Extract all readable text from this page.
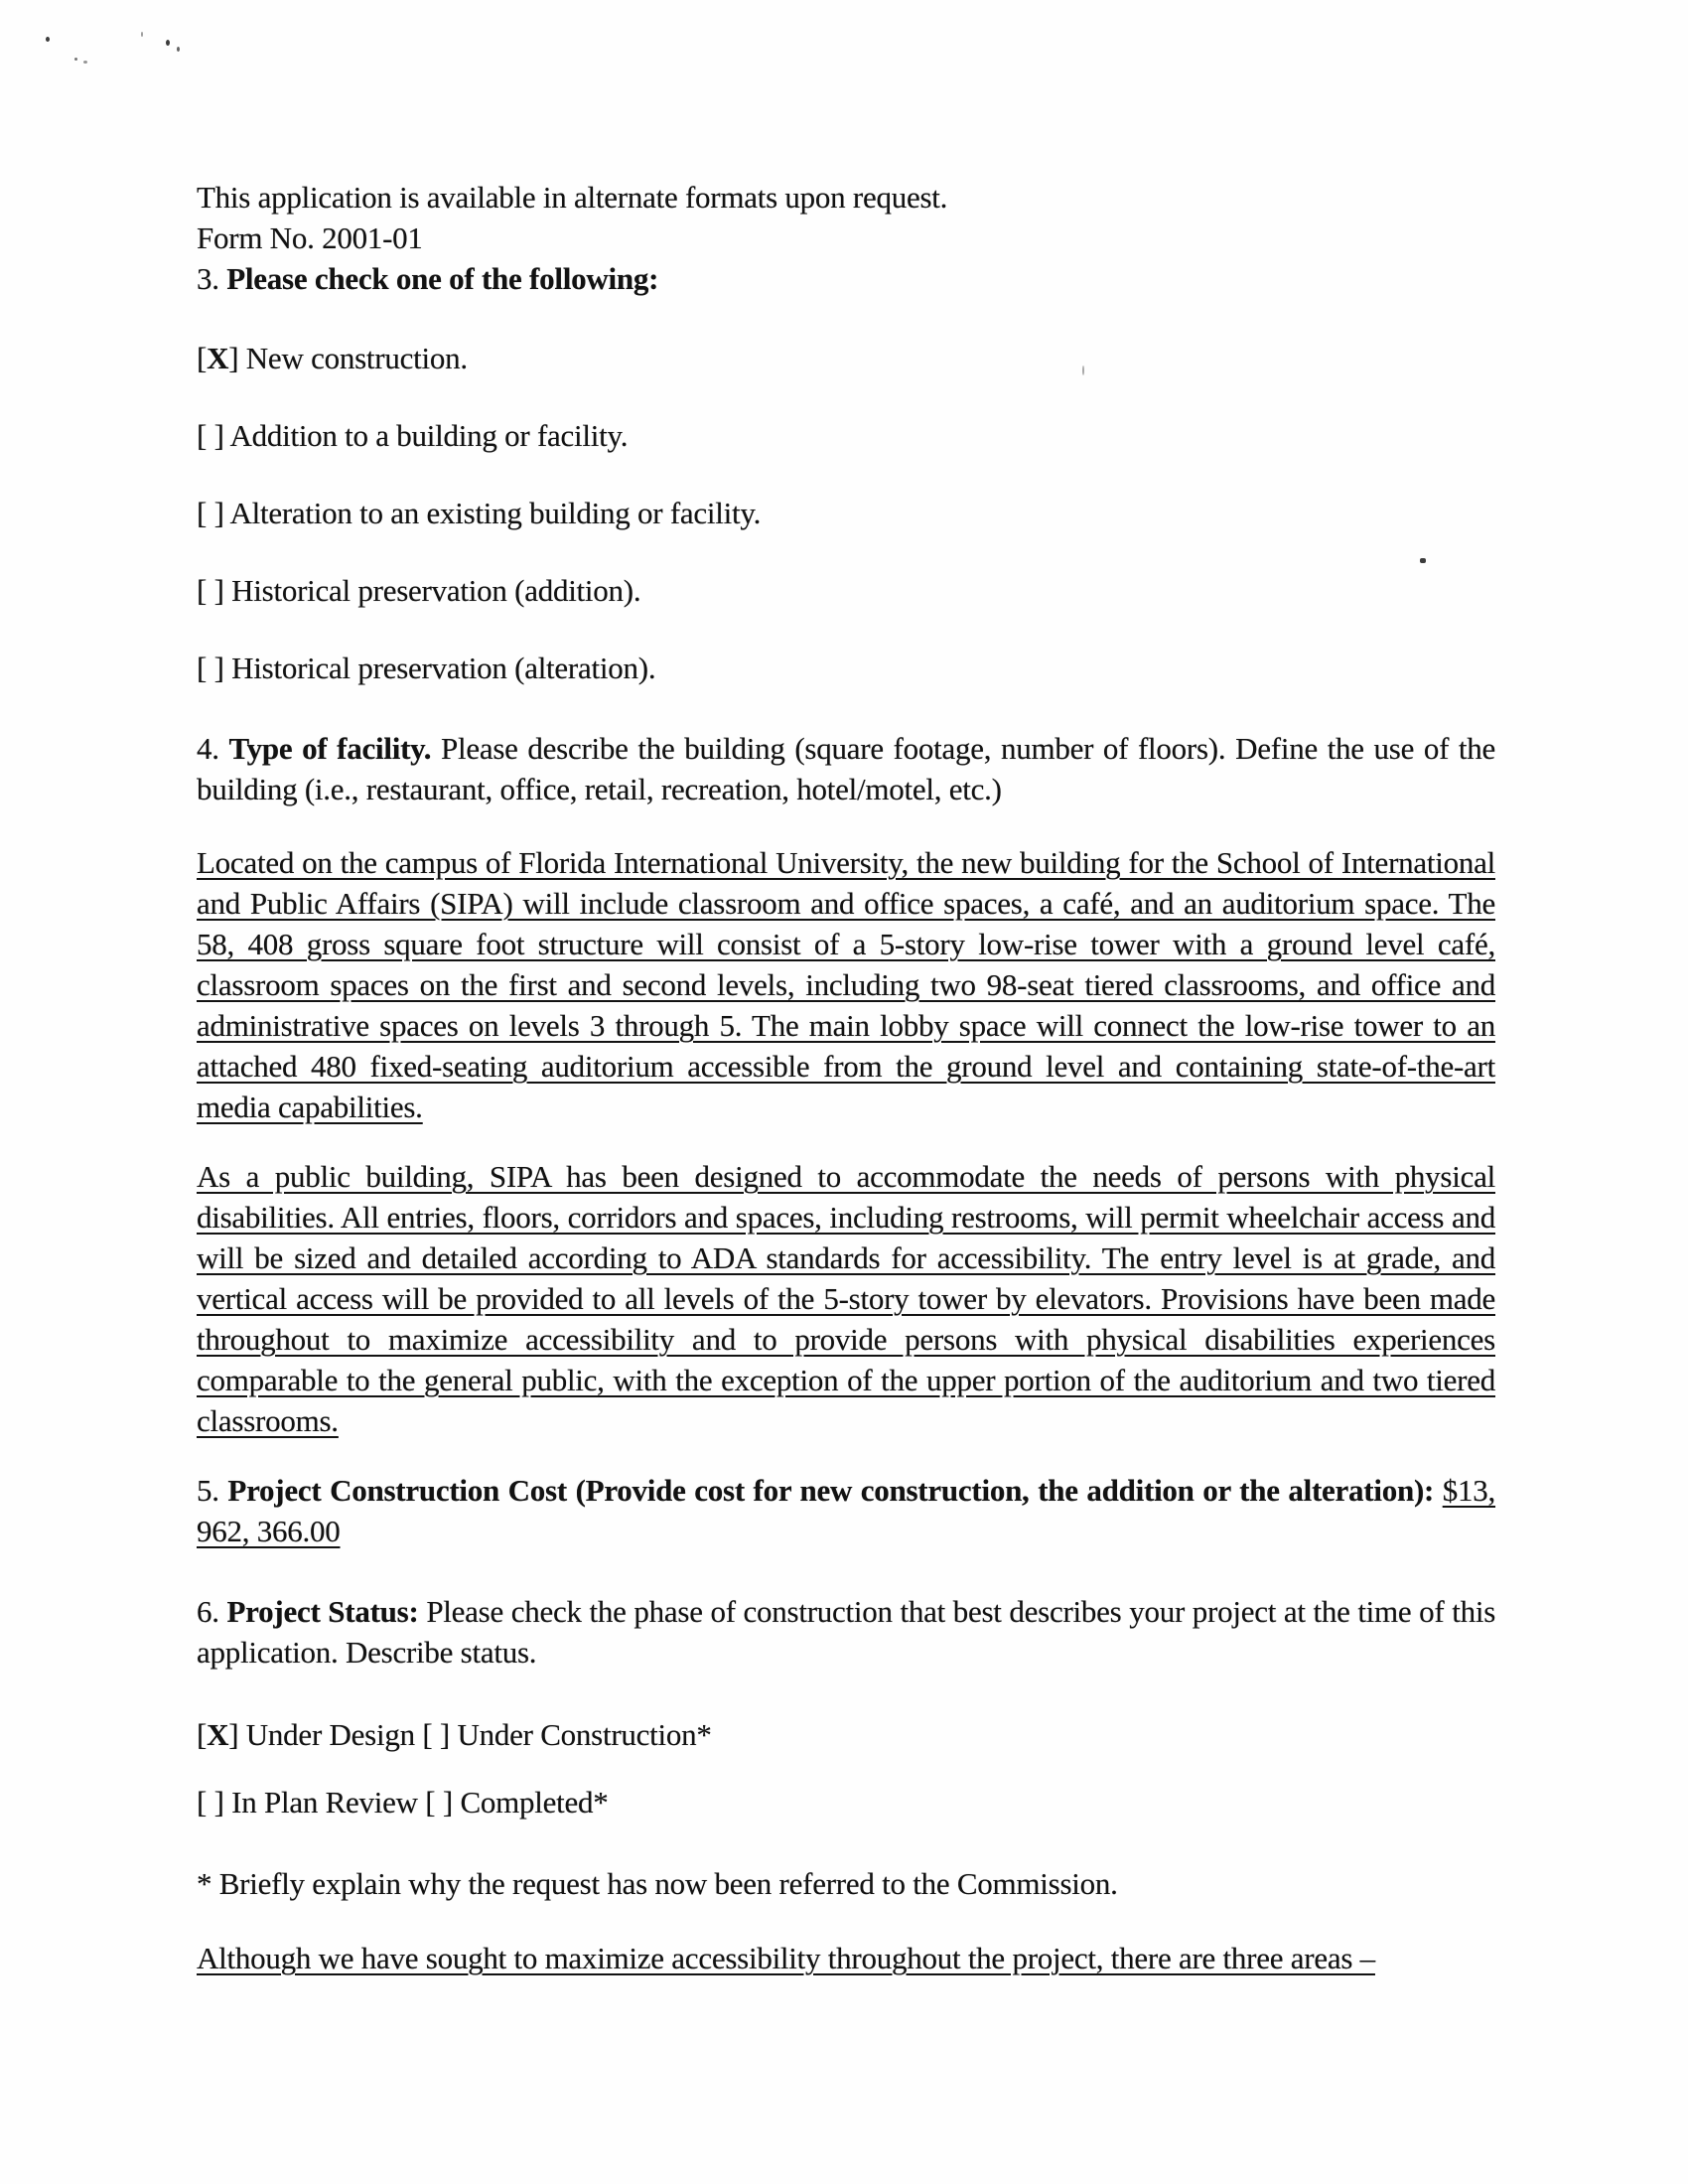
This application is available in alternate formats upon request.

Form No. 2001-01

3. Please check one of the following:

[X] New construction.

[ ] Addition to a building or facility.

[ ] Alteration to an existing building or facility.

[ ] Historical preservation (addition).

[ ] Historical preservation (alteration).

4. Type of facility. Please describe the building (square footage, number of floors). Define the use of the building (i.e., restaurant, office, retail, recreation, hotel/motel, etc.)

Located on the campus of Florida International University, the new building for the School of International and Public Affairs (SIPA) will include classroom and office spaces, a café, and an auditorium space. The 58, 408 gross square foot structure will consist of a 5-story low-rise tower with a ground level café, classroom spaces on the first and second levels, including two 98-seat tiered classrooms, and office and administrative spaces on levels 3 through 5. The main lobby space will connect the low-rise tower to an attached 480 fixed-seating auditorium accessible from the ground level and containing state-of-the-art media capabilities.

As a public building, SIPA has been designed to accommodate the needs of persons with physical disabilities. All entries, floors, corridors and spaces, including restrooms, will permit wheelchair access and will be sized and detailed according to ADA standards for accessibility. The entry level is at grade, and vertical access will be provided to all levels of the 5-story tower by elevators. Provisions have been made throughout to maximize accessibility and to provide persons with physical disabilities experiences comparable to the general public, with the exception of the upper portion of the auditorium and two tiered classrooms.

5. Project Construction Cost (Provide cost for new construction, the addition or the alteration): $13, 962, 366.00

6. Project Status: Please check the phase of construction that best describes your project at the time of this application. Describe status.

[X] Under Design [ ] Under Construction*

[ ] In Plan Review [ ] Completed*

* Briefly explain why the request has now been referred to the Commission.

Although we have sought to maximize accessibility throughout the project, there are three areas –
